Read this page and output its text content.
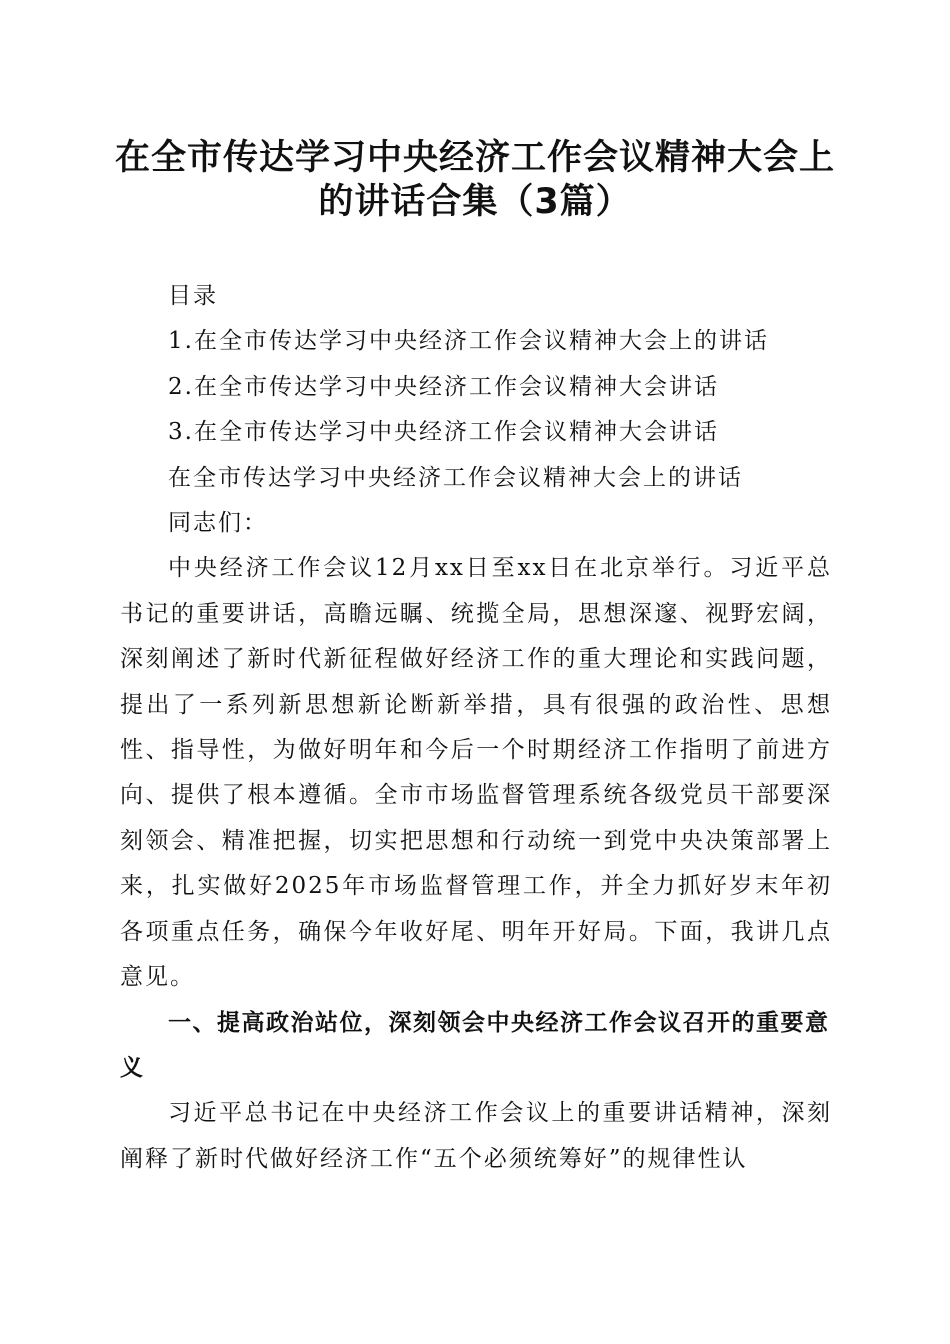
在全市传达学习中央经济工作会议精神大会上
的讲话合集（3篇）
目录
1.在全市传达学习中央经济工作会议精神大会上的讲话
2.在全市传达学习中央经济工作会议精神大会讲话
3.在全市传达学习中央经济工作会议精神大会讲话
在全市传达学习中央经济工作会议精神大会上的讲话
同志们：
中央经济工作会议12月xx日至xx日在北京举行。习近平总书记的重要讲话，高瞻远瞩、统揽全局，思想深邃、视野宏阔，深刻阐述了新时代新征程做好经济工作的重大理论和实践问题，提出了一系列新思想新论断新举措，具有很强的政治性、思想性、指导性，为做好明年和今后一个时期经济工作指明了前进方向、提供了根本遵循。全市市场监督管理系统各级党员干部要深刻领会、精准把握，切实把思想和行动统一到党中央决策部署上来，扎实做好2025年市场监督管理工作，并全力抓好岁末年初各项重点任务，确保今年收好尾、明年开好局。下面，我讲几点意见。
一、提高政治站位，深刻领会中央经济工作会议召开的重要意义
习近平总书记在中央经济工作会议上的重要讲话精神，深刻阐释了新时代做好经济工作“五个必须统筹好”的规律性认
